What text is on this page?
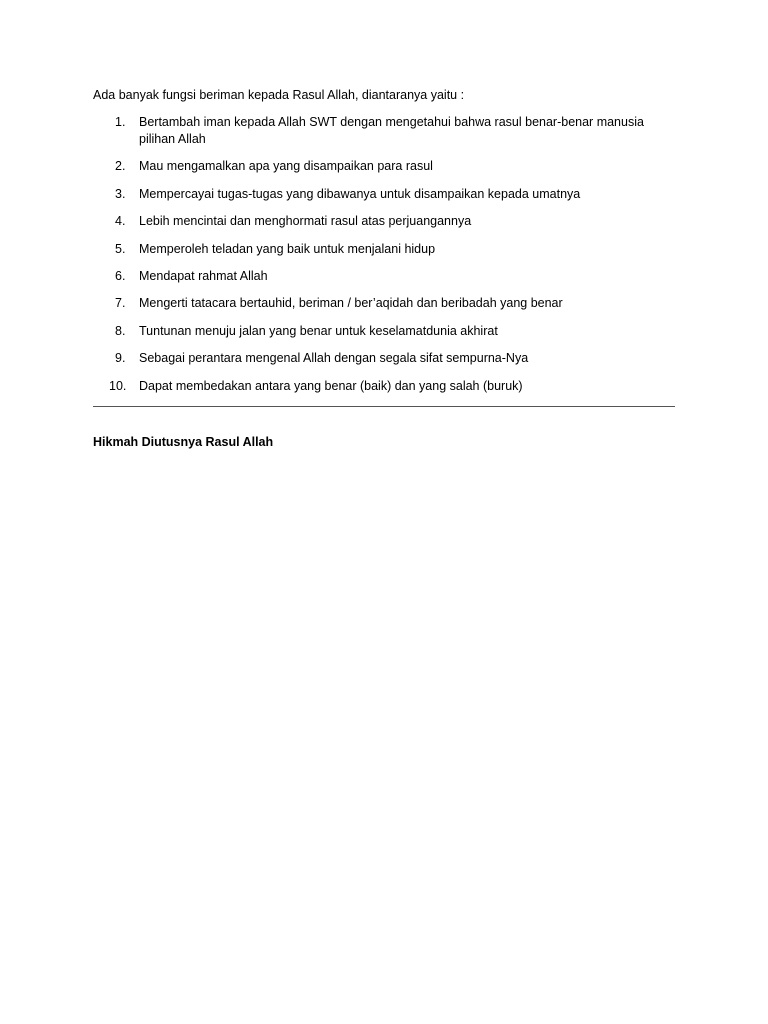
Ada banyak fungsi beriman kepada Rasul Allah, diantaranya yaitu :

1.	Bertambah iman kepada Allah SWT dengan mengetahui bahwa rasul benar-benar manusia pilihan Allah
2.	Mau mengamalkan apa yang disampaikan para rasul
3.	Mempercayai tugas-tugas yang dibawanya untuk disampaikan kepada umatnya
4.	Lebih mencintai dan menghormati rasul atas perjuangannya
5.	Memperoleh teladan yang baik untuk menjalani hidup
6.	Mendapat rahmat Allah
7.	Mengerti tatacara bertauhid, beriman / ber’aqidah dan beribadah yang benar
8.	Tuntunan menuju jalan yang benar untuk keselamatdunia akhirat
9.	Sebagai perantara mengenal Allah dengan segala sifat sempurna-Nya
10. Dapat membedakan antara yang benar (baik) dan yang salah (buruk)

Hikmah Diutusnya Rasul Allah
